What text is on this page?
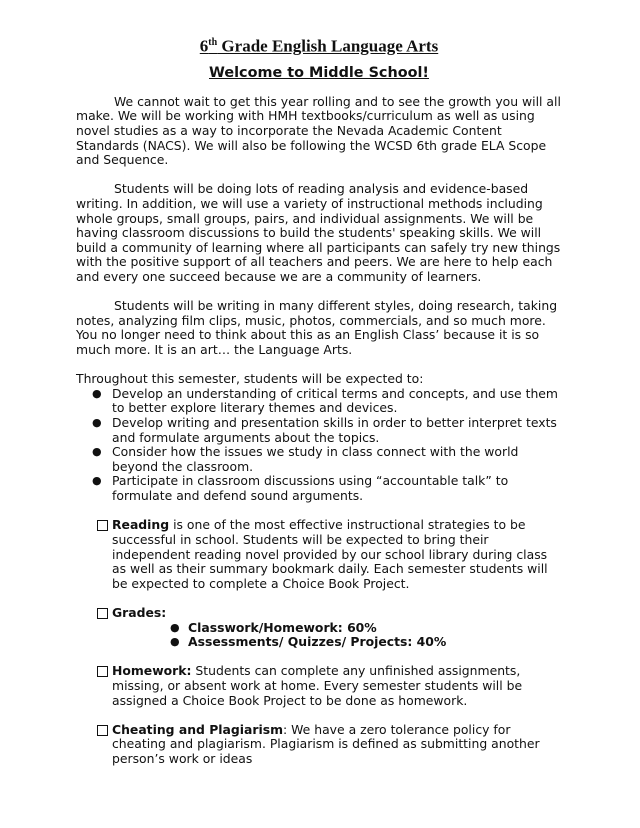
6th Grade English Language Arts
Welcome to Middle School!

We cannot wait to get this year rolling and to see the growth you will all make. We will be working with HMH textbooks/curriculum as well as using novel studies as a way to incorporate the Nevada Academic Content Standards (NACS). We will also be following the WCSD 6th grade ELA Scope and Sequence.

Students will be doing lots of reading analysis and evidence-based writing. In addition, we will use a variety of instructional methods including whole groups, small groups, pairs, and individual assignments. We will be having classroom discussions to build the students' speaking skills. We will build a community of learning where all participants can safely try new things with the positive support of all teachers and peers. We are here to help each and every one succeed because we are a community of learners.

Students will be writing in many different styles, doing research, taking notes, analyzing film clips, music, photos, commercials, and so much more. You no longer need to think about this as an English Class’ because it is so much more. It is an art… the Language Arts.

Throughout this semester, students will be expected to:
● Develop an understanding of critical terms and concepts, and use them to better explore literary themes and devices.
● Develop writing and presentation skills in order to better interpret texts and formulate arguments about the topics.
● Consider how the issues we study in class connect with the world beyond the classroom.
● Participate in classroom discussions using “accountable talk” to formulate and defend sound arguments.
Reading is one of the most effective instructional strategies to be successful in school. Students will be expected to bring their independent reading novel provided by our school library during class as well as their summary bookmark daily. Each semester students will be expected to complete a Choice Book Project.
Grades:
● Classwork/Homework: 60%
● Assessments/ Quizzes/ Projects: 40%
Homework: Students can complete any unfinished assignments, missing, or absent work at home. Every semester students will be assigned a Choice Book Project to be done as homework.
Cheating and Plagiarism: We have a zero tolerance policy for cheating and plagiarism. Plagiarism is defined as submitting another person’s work or ideas
